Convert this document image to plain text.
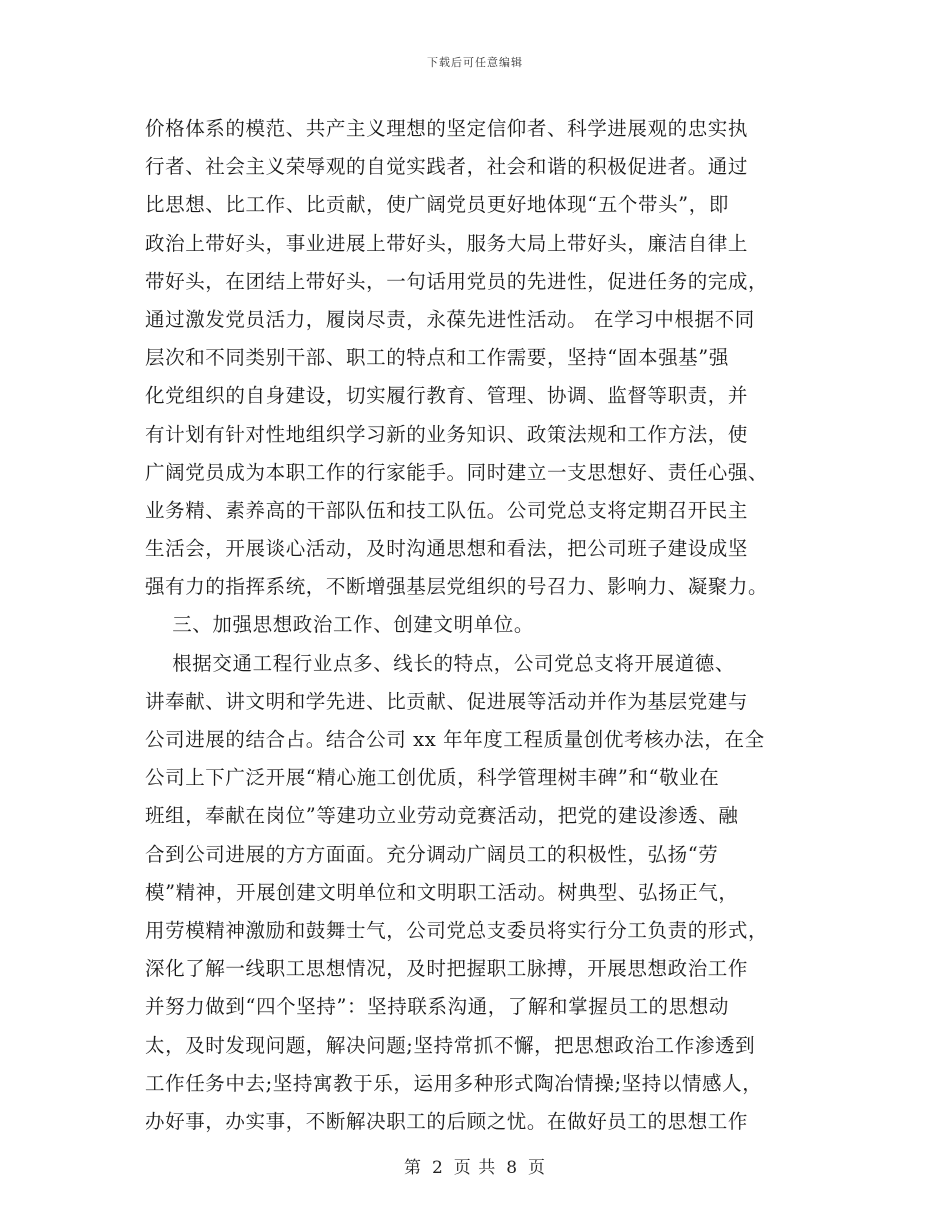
下载后可任意编辑
价格体系的模范、共产主义理想的坚定信仰者、科学进展观的忠实执
行者、社会主义荣辱观的自觉实践者，社会和谐的积极促进者。通过
比思想、比工作、比贡献，使广阔党员更好地体现“五个带头”，即
政治上带好头，事业进展上带好头，服务大局上带好头，廉洁自律上
带好头，在团结上带好头，一句话用党员的先进性，促进任务的完成，
通过激发党员活力，履岗尽责，永葆先进性活动。 在学习中根据不同
层次和不同类别干部、职工的特点和工作需要，坚持“固本强基”强
化党组织的自身建设，切实履行教育、管理、协调、监督等职责，并
有计划有针对性地组织学习新的业务知识、政策法规和工作方法，使
广阔党员成为本职工作的行家能手。同时建立一支思想好、责任心强、
业务精、素养高的干部队伍和技工队伍。公司党总支将定期召开民主
生活会，开展谈心活动，及时沟通思想和看法，把公司班子建设成坚
强有力的指挥系统，不断增强基层党组织的号召力、影响力、凝聚力。
三、加强思想政治工作、创建文明单位。
根据交通工程行业点多、线长的特点，公司党总支将开展道德、
讲奉献、讲文明和学先进、比贡献、促进展等活动并作为基层党建与
公司进展的结合占。结合公司 xx 年年度工程质量创优考核办法，在全
公司上下广泛开展“精心施工创优质，科学管理树丰碑”和“敬业在
班组，奉献在岗位”等建功立业劳动竞赛活动，把党的建设渗透、融
合到公司进展的方方面面。充分调动广阔员工的积极性，弘扬“劳
模”精神，开展创建文明单位和文明职工活动。树典型、弘扬正气，
用劳模精神激励和鼓舞士气，公司党总支委员将实行分工负责的形式，
深化了解一线职工思想情况，及时把握职工脉搏，开展思想政治工作
并努力做到“四个坚持”：坚持联系沟通，了解和掌握员工的思想动
太，及时发现问题，解决问题;坚持常抓不懈，把思想政治工作渗透到
工作任务中去;坚持寓教于乐，运用多种形式陶冶情操;坚持以情感人，
办好事，办实事，不断解决职工的后顾之忧。在做好员工的思想工作
第 2 页 共 8 页
